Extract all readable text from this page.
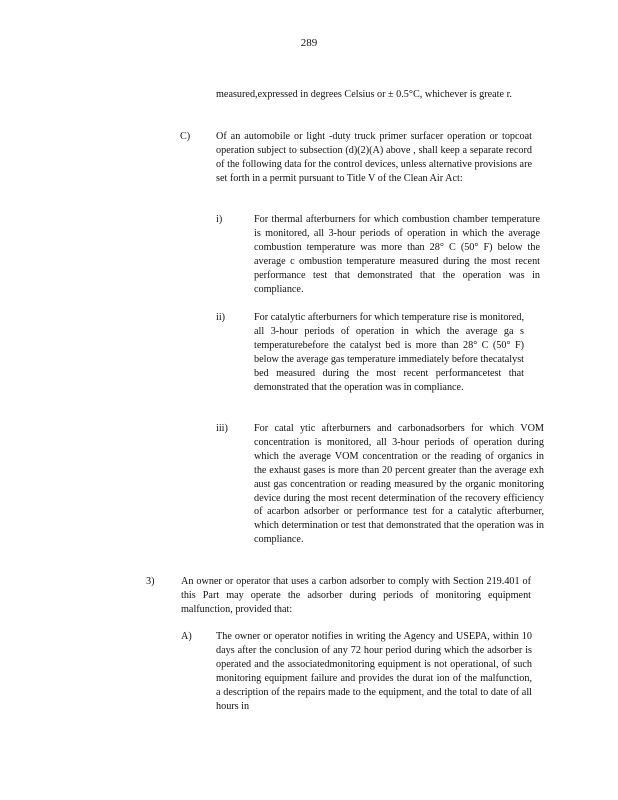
289

measured,expressed in degrees Celsius or ± 0.5°C, whichever is greate r.

C)	Of an automobile or light -duty truck primer surfacer operation or topcoat operation subject to subsection (d)(2)(A) above , shall keep a separate record of the following data for the control devices, unless alternative provisions are set forth in a permit pursuant to Title V of the Clean Air Act:

i)	For thermal afterburners for which combustion chamber temperature is monitored, all 3-hour periods of operation in which the average combustion temperature was more than 28° C (50° F) below the average c ombustion temperature measured during the most recent performance test that demonstrated that the operation was in compliance.

ii)	For catalytic afterburners for which temperature rise is monitored, all 3-hour periods of operation in which the average ga s temperaturebefore the catalyst bed is more than 28° C (50° F) below the average gas temperature immediately before thecatalyst bed measured during the most recent performancetest that demonstrated that the operation was in compliance.

iii)	For catal ytic afterburners and carbonadsorbers for which VOM concentration is monitored, all 3-hour periods of operation during which the average VOM concentration or the reading of organics in the exhaust gases is more than 20 percent greater than the average exh aust gas concentration or reading measured by the organic monitoring device during the most recent determination of the recovery efficiency of acarbon adsorber or performance test for a catalytic afterburner, which determination or test that demonstrated that the operation was in compliance.

3)	An owner or operator that uses a carbon adsorber to comply with Section 219.401 of this Part may operate the adsorber during periods of monitoring equipment malfunction, provided that:

A) The owner or operator notifies in writing the Agency and USEPA, within 10 days after the conclusion of any 72 hour period during which the adsorber is operated and the associatedmonitoring equipment is not operational, of such monitoring equipment failure and provides the durat ion of the malfunction, a description of the repairs made to the equipment, and the total to date of all hours in
